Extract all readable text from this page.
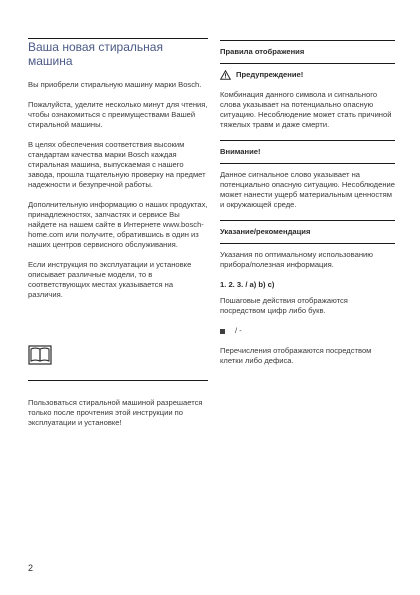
Ваша новая стиральная
машина

Вы приобрели стиральную машину марки Bosch.

Пожалуйста, уделите несколько минут для чтения, чтобы ознакомиться с преимуществами Вашей стиральной машины.

В целях обеспечения соответствия высоким стандартам качества марки Bosch каждая стиральная машина, выпускаемая с нашего завода, прошла тщательную проверку на предмет надежности и безупречной работы.

Дополнительную информацию о наших продуктах, принадлежностях, запчастях и сервисе Вы найдете на нашем сайте в Интернете www.bosch-home.com или получите, обратившись в один из наших центров сервисного обслуживания.

Если инструкция по эксплуатации и установке описывает различные модели, то в соответствующих местах указывается на различия.

Пользоваться стиральной машиной разрешается только после прочтения этой инструкции по эксплуатации и установке!

Правила отображения
Предупреждение!

Комбинация данного символа и сигнального слова указывает на потенциально опасную ситуацию. Несоблюдение может стать причиной тяжелых травм и даже смерти.

Внимание!

Данное сигнальное слово указывает на потенциально опасную ситуацию. Несоблюдение может нанести ущерб материальным ценностям и окружающей среде.

Указание/рекомендация

Указания по оптимальному использованию прибора/полезная информация.

1. 2. 3. / a) b) c)

Пошаговые действия отображаются посредством цифр либо букв.

/ -

Перечисления отображаются посредством клетки либо дефиса.

2
